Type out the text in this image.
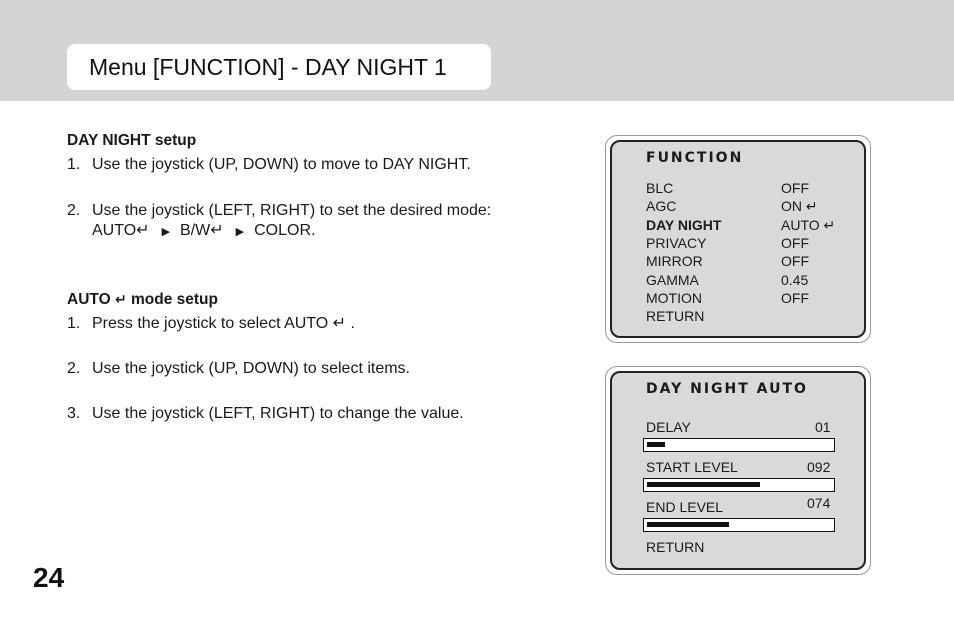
Menu [FUNCTION] - DAY NIGHT 1

DAY NIGHT setup

1. Use the joystick (UP, DOWN) to move to DAY NIGHT.
2. Use the joystick (LEFT, RIGHT) to set the desired mode:
AUTO↵ ▶ B/W↵ ▶ COLOR.

AUTO ↵ mode setup

1. Press the joystick to select AUTO ↵ .
2. Use the joystick (UP, DOWN) to select items.
3. Use the joystick (LEFT, RIGHT) to change the value.
24
FUNCTION
BLC	OFF
AGC	ON ↵
DAY NIGHT	AUTO ↵
PRIVACY	OFF
MIRROR	OFF
GAMMA	0.45
MOTION	OFF
RETURN
DAY NIGHT AUTO
DELAY	01
START LEVEL	092
END LEVEL	074
RETURN
